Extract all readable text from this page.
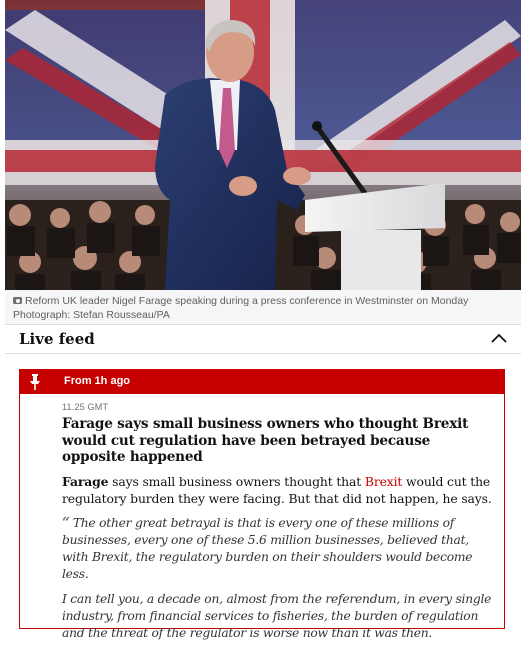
Reform UK leader Nigel Farage speaking during a press conference in Westminster on Monday Photograph: Stefan Rousseau/PA
Live feed
From 1h ago

11.25 GMT

Farage says small business owners who thought Brexit would cut regulation have been betrayed because opposite happened

Farage says small business owners thought that Brexit would cut the regulatory burden they were facing. But that did not happen, he says.

“ The other great betrayal is that is every one of these millions of businesses, every one of these 5.6 million businesses, believed that, with Brexit, the regulatory burden on their shoulders would become less.

I can tell you, a decade on, almost from the referendum, in every single industry, from financial services to fisheries, the burden of regulation and the threat of the regulator is worse now than it was then.
